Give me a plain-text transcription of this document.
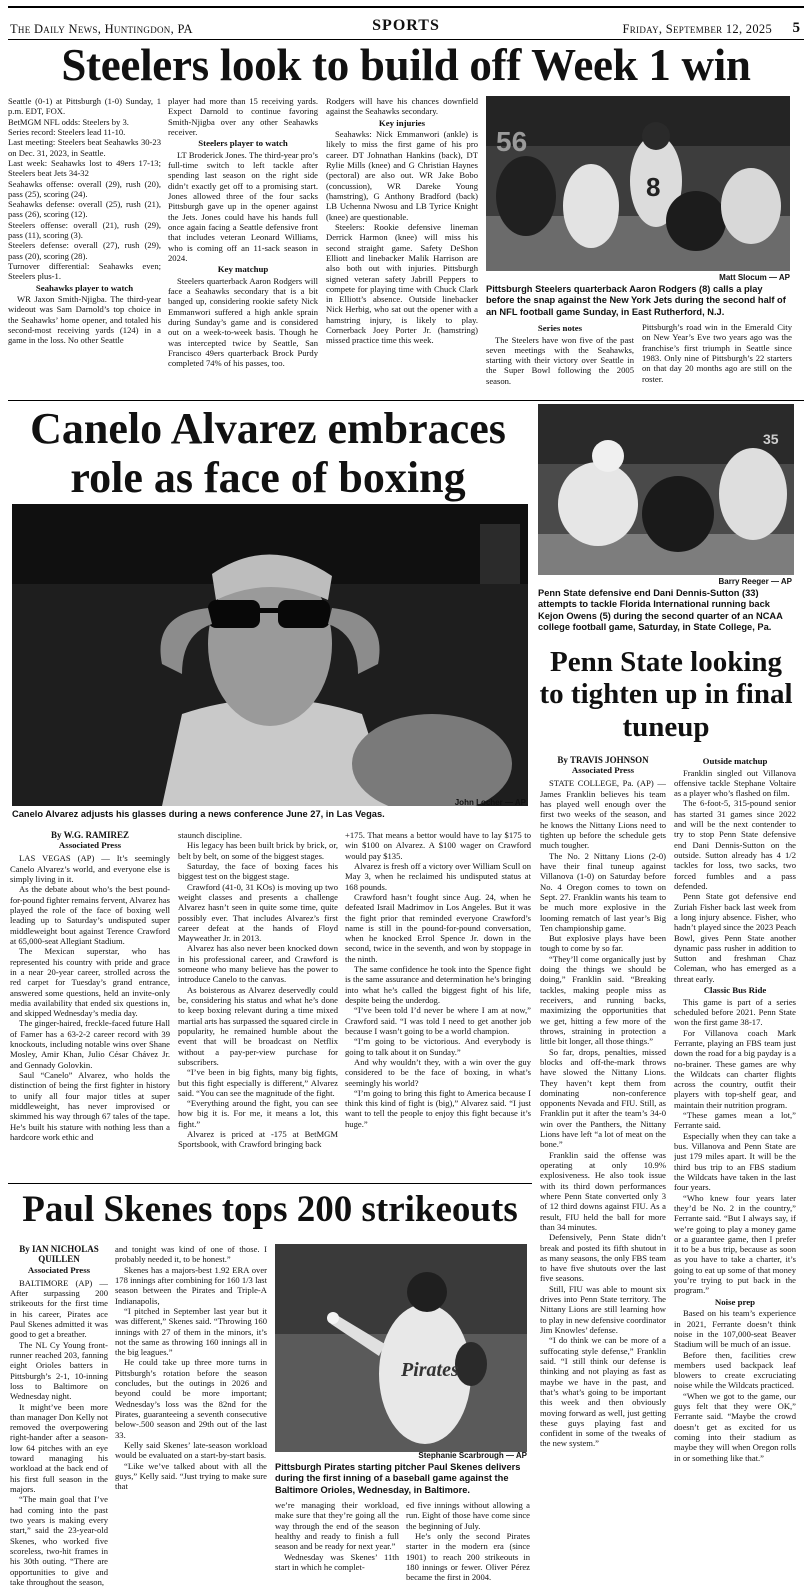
The Daily News, Huntingdon, PA	SPORTS	Friday, September 12, 2025 5
Steelers look to build off Week 1 win

Seattle (0-1) at Pittsburgh (1-0) Sunday, 1 p.m. EDT, FOX.

BetMGM NFL odds: Steelers by 3.

Series record: Steelers lead 11-10.

Last meeting: Steelers beat Seahawks 30-23 on Dec. 31, 2023, in Seattle.

Last week: Seahawks lost to 49ers 17-13; Steelers beat Jets 34-32

Seahawks offense: overall (29), rush (20), pass (25), scoring (24).

Seahawks defense: overall (25), rush (21), pass (26), scoring (12).

Steelers offense: overall (21), rush (29), pass (11), scoring (3).

Steelers defense: overall (27), rush (29), pass (20), scoring (28).

Turnover differential: Seahawks even; Steelers plus-1.

Seahawks player to watch

WR Jaxon Smith-Njigba. The third-year wideout was Sam Darnold’s top choice in the Seahawks’ home opener, and totaled his second-most receiving yards (124) in a game in the loss. No other Seattle

player had more than 15 receiving yards. Expect Darnold to continue favoring Smith-Njigba over any other Seahawks receiver.

Steelers player to watch

LT Broderick Jones. The third-year pro’s full-time switch to left tackle after spending last season on the right side didn’t exactly get off to a promising start. Jones allowed three of the four sacks Pittsburgh gave up in the opener against the Jets. Jones could have his hands full once again facing a Seattle defensive front that includes veteran Leonard Williams, who is coming off an 11-sack season in 2024.

Key matchup

Steelers quarterback Aaron Rodgers will face a Seahawks secondary that is a bit banged up, considering rookie safety Nick Emmanwori suffered a high ankle sprain during Sunday’s game and is considered out on a week-to-week basis. Though he was intercepted twice by Seattle, San Francisco 49ers quarterback Brock Purdy completed 74% of his passes, too.

Rodgers will have his chances downfield against the Seahawks secondary.

Key injuries

Seahawks: Nick Emmanwori (ankle) is likely to miss the first game of his pro career. DT Johnathan Hankins (back), DT Rylie Mills (knee) and G Christian Haynes (pectoral) are also out. WR Jake Bobo (concussion), WR Dareke Young (hamstring), G Anthony Bradford (back) LB Uchenna Nwosu and LB Tyrice Knight (knee) are questionable.

Steelers: Rookie defensive lineman Derrick Harmon (knee) will miss his second straight game. Safety DeShon Elliott and linebacker Malik Harrison are also both out with injuries. Pittsburgh signed veteran safety Jabrill Peppers to compete for playing time with Chuck Clark in Elliott’s absence. Outside linebacker Nick Herbig, who sat out the opener with a hamstring injury, is likely to play. Cornerback Joey Porter Jr. (hamstring) missed practice time this week.

56
8
Matt Slocum — AP
Pittsburgh Steelers quarterback Aaron Rodgers (8) calls a play before the snap against the New York Jets during the second half of an NFL football game Sunday, in East Rutherford, N.J.

Series notes

The Steelers have won five of the past seven meetings with the Seahawks, starting with their victory over Seattle in the Super Bowl following the 2005 season.

Pittsburgh’s road win in the Emerald City on New Year’s Eve two years ago was the franchise’s first triumph in Seattle since 1983. Only nine of Pittsburgh’s 22 starters on that day 20 months ago are still on the roster.

Canelo Alvarez embraces role as face of boxing
John Locher — AP
Canelo Alvarez adjusts his glasses during a news conference June 27, in Las Vegas.
By W.G. RAMIREZ
Associated Press

LAS VEGAS (AP) — It’s seemingly Canelo Alvarez’s world, and everyone else is simply living in it.

As the debate about who’s the best pound-for-pound fighter remains fervent, Alvarez has played the role of the face of boxing well leading up to Saturday’s undisputed super middleweight bout against Terence Crawford at 65,000-seat Allegiant Stadium.

The Mexican superstar, who has represented his country with pride and grace in a near 20-year career, strolled across the red carpet for Tuesday’s grand entrance, answered some questions, held an invite-only media availability that ended six questions in, and skipped Wednesday’s media day.

The ginger-haired, freckle-faced future Hall of Famer has a 63-2-2 career record with 39 knockouts, including notable wins over Shane Mosley, Amir Khan, Julio César Chávez Jr. and Gennady Golovkin.

Saul “Canelo” Alvarez, who holds the distinction of being the first fighter in history to unify all four major titles at super middleweight, has never improvised or skimmed his way through 67 tales of the tape. He’s built his stature with nothing less than a hardcore work ethic and

staunch discipline.

His legacy has been built brick by brick, or, belt by belt, on some of the biggest stages.

Saturday, the face of boxing faces his biggest test on the biggest stage.

Crawford (41-0, 31 KOs) is moving up two weight classes and presents a challenge Alvarez hasn’t seen in quite some time, quite possibly ever. That includes Alvarez’s first career defeat at the hands of Floyd Mayweather Jr. in 2013.

Alvarez has also never been knocked down in his professional career, and Crawford is someone who many believe has the power to introduce Canelo to the canvas.

As boisterous as Alvarez deservedly could be, considering his status and what he’s done to keep boxing relevant during a time mixed martial arts has surpassed the squared circle in popularity, he remained humble about the event that will be broadcast on Netflix without a pay-per-view purchase for subscribers.

“I’ve been in big fights, many big fights, but this fight especially is different,” Alvarez said. “You can see the magnitude of the fight.

“Everything around the fight, you can see how big it is. For me, it means a lot, this fight.”

Alvarez is priced at -175 at BetMGM Sportsbook, with Crawford bringing back

+175. That means a bettor would have to lay $175 to win $100 on Alvarez. A $100 wager on Crawford would pay $135.

Alvarez is fresh off a victory over William Scull on May 3, when he reclaimed his undisputed status at 168 pounds.

Crawford hasn’t fought since Aug. 24, when he defeated Israil Madrimov in Los Angeles. But it was the fight prior that reminded everyone Crawford’s name is still in the pound-for-pound conversation, when he knocked Errol Spence Jr. down in the second, twice in the seventh, and won by stoppage in the ninth.

The same confidence he took into the Spence fight is the same assurance and determination he’s bringing into what he’s called the biggest fight of his life, despite being the underdog.

“I’ve been told I’d never be where I am at now,” Crawford said. “I was told I need to get another job because I wasn’t going to be a world champion.

“I’m going to be victorious. And everybody is going to talk about it on Sunday.”

And why wouldn’t they, with a win over the guy considered to be the face of boxing, in what’s seemingly his world?

“I’m going to bring this fight to America because I think this kind of fight is (big),” Alvarez said. “I just want to tell the people to enjoy this fight because it’s huge.”

35
Barry Reeger — AP
Penn State defensive end Dani Dennis-Sutton (33) attempts to tackle Florida International running back Kejon Owens (5) during the second quarter of an NCAA college football game, Saturday, in State College, Pa.
Penn State looking to tighten up in final tuneup
By TRAVIS JOHNSON
Associated Press

STATE COLLEGE, Pa. (AP) — James Franklin believes his team has played well enough over the first two weeks of the season, and he knows the Nittany Lions need to tighten up before the schedule gets much tougher.

The No. 2 Nittany Lions (2-0) have their final tuneup against Villanova (1-0) on Saturday before No. 4 Oregon comes to town on Sept. 27. Franklin wants his team to be much more explosive in the looming rematch of last year’s Big Ten championship game.

But explosive plays have been tough to come by so far.

“They’ll come organically just by doing the things we should be doing,” Franklin said. “Breaking tackles, making people miss as receivers, and running backs, maximizing the opportunities that we get, hitting a few more of the throws, straining in protection a little bit longer, all those things.”

So far, drops, penalties, missed blocks and off-the-mark throws have slowed the Nittany Lions. They haven’t kept them from dominating non-conference opponents Nevada and FIU. Still, as Franklin put it after the team’s 34-0 win over the Panthers, the Nittany Lions have left “a lot of meat on the bone.”

Franklin said the offense was operating at only 10.9% explosiveness. He also took issue with its third down performances where Penn State converted only 3 of 12 third downs against FIU. As a result, FIU held the ball for more than 34 minutes.

Defensively, Penn State didn’t break and posted its fifth shutout in as many seasons, the only FBS team to have five shutouts over the last five seasons.

Still, FIU was able to mount six drives into Penn State territory. The Nittany Lions are still learning how to play in new defensive coordinator Jim Knowles’ defense.

“I do think we can be more of a suffocating style defense,” Franklin said. “I still think our defense is thinking and not playing as fast as maybe we have in the past, and that’s what’s going to be important this week and then obviously moving forward as well, just getting these guys playing fast and confident in some of the tweaks of the new system.”

Outside matchup

Franklin singled out Villanova offensive tackle Stephane Voltaire as a player who’s flashed on film.

The 6-foot-5, 315-pound senior has started 31 games since 2022 and will be the next contender to try to stop Penn State defensive end Dani Dennis-Sutton on the outside. Sutton already has 4 1/2 tackles for loss, two sacks, two forced fumbles and a pass defended.

Penn State got defensive end Zuriah Fisher back last week from a long injury absence. Fisher, who hadn’t played since the 2023 Peach Bowl, gives Penn State another dynamic pass rusher in addition to Sutton and freshman Chaz Coleman, who has emerged as a threat early.

Classic Bus Ride

This game is part of a series scheduled before 2021. Penn State won the first game 38-17.

For Villanova coach Mark Ferrante, playing an FBS team just down the road for a big payday is a no-brainer. These games are why the Wildcats can charter flights across the country, outfit their players with top-shelf gear, and maintain their nutrition program.

“These games mean a lot,” Ferrante said.

Especially when they can take a bus. Villanova and Penn State are just 179 miles apart. It will be the third bus trip to an FBS stadium the Wildcats have taken in the last four years.

“Who knew four years later they’d be No. 2 in the country,” Ferrante said. “But I always say, if we’re going to play a money game or a guarantee game, then I prefer it to be a bus trip, because as soon as you have to take a charter, it’s going to eat up some of that money you’re trying to put back in the program.”

Noise prep

Based on his team’s experience in 2021, Ferrante doesn’t think noise in the 107,000-seat Beaver Stadium will be much of an issue.

Before then, facilities crew members used backpack leaf blowers to create excruciating noise while the Wildcats practiced.

“When we got to the game, our guys felt that they were OK,” Ferrante said. “Maybe the crowd doesn’t get as excited for us coming into their stadium as maybe they will when Oregon rolls in or something like that.”

Paul Skenes tops 200 strikeouts
By IAN NICHOLAS QUILLEN
Associated Press

BALTIMORE (AP) — After surpassing 200 strikeouts for the first time in his career, Pirates ace Paul Skenes admitted it was good to get a breather.

The NL Cy Young front-runner reached 203, fanning eight Orioles batters in Pittsburgh’s 2-1, 10-inning loss to Baltimore on Wednesday night.

It might’ve been more than manager Don Kelly not removed the overpowering right-hander after a season-low 64 pitches with an eye toward managing his workload at the back end of his first full season in the majors.

“The main goal that I’ve had coming into the past two years is making every start,” said the 23-year-old Skenes, who worked five scoreless, two-hit frames in his 30th outing. “There are opportunities to give and take throughout the season,

and tonight was kind of one of those. I probably needed it, to be honest.”

Skenes has a majors-best 1.92 ERA over 178 innings after combining for 160 1/3 last season between the Pirates and Triple-A Indianapolis,

“I pitched in September last year but it was different,” Skenes said. “Throwing 160 innings with 27 of them in the minors, it’s not the same as throwing 160 innings all in the big leagues.”

He could take up three more turns in Pittsburgh’s rotation before the season concludes, but the outings in 2026 and beyond could be more important; Wednesday’s loss was the 82nd for the Pirates, guaranteeing a seventh consecutive below-.500 season and 29th out of the last 33.

Kelly said Skenes’ late-season workload would be evaluated on a start-by-start basis.

“Like we’ve talked about with all the guys,” Kelly said. “Just trying to make sure that

Pirates
Stephanie Scarbrough — AP
Pittsburgh Pirates starting pitcher Paul Skenes delivers during the first inning of a baseball game against the Baltimore Orioles, Wednesday, in Baltimore.

we’re managing their workload, make sure that they’re going all the way through the end of the season healthy and ready to finish a full season and be ready for next year.”

Wednesday was Skenes’ 11th start in which he complet-

ed five innings without allowing a run. Eight of those have come since the beginning of July.

He’s only the second Pirates starter in the modern era (since 1901) to reach 200 strikeouts in 180 innings or fewer. Oliver Pérez became the first in 2004.
